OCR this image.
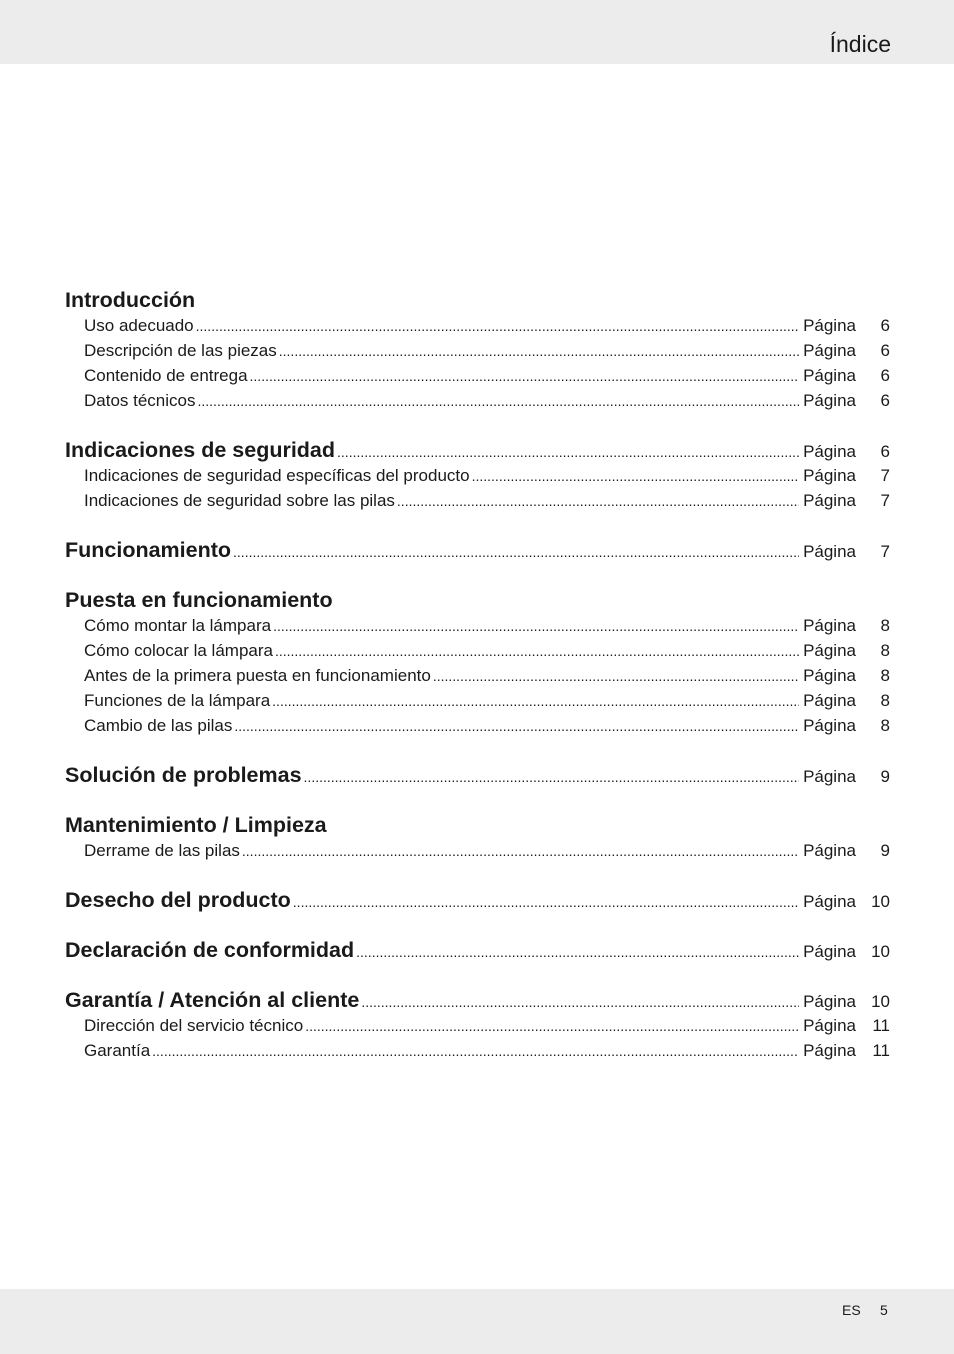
Índice
Introducción
Uso adecuado .....	Página	6
Descripción de las piezas .....	Página	6
Contenido de entrega .....	Página	6
Datos técnicos .....	Página	6
Indicaciones de seguridad .....	Página	6
Indicaciones de seguridad específicas del producto .....	Página	7
Indicaciones de seguridad sobre las pilas .....	Página	7
Funcionamiento .....	Página	7
Puesta en funcionamiento
Cómo montar la lámpara .....	Página	8
Cómo colocar la lámpara .....	Página	8
Antes de la primera puesta en funcionamiento .....	Página	8
Funciones de la lámpara .....	Página	8
Cambio de las pilas .....	Página	8
Solución de problemas .....	Página	9
Mantenimiento / Limpieza
Derrame de las pilas .....	Página	9
Desecho del producto .....	Página 10
Declaración de conformidad .....	Página 10
Garantía / Atención al cliente .....	Página 10
Dirección del servicio técnico .....	Página 11
Garantía .....	Página 11
ES 5
